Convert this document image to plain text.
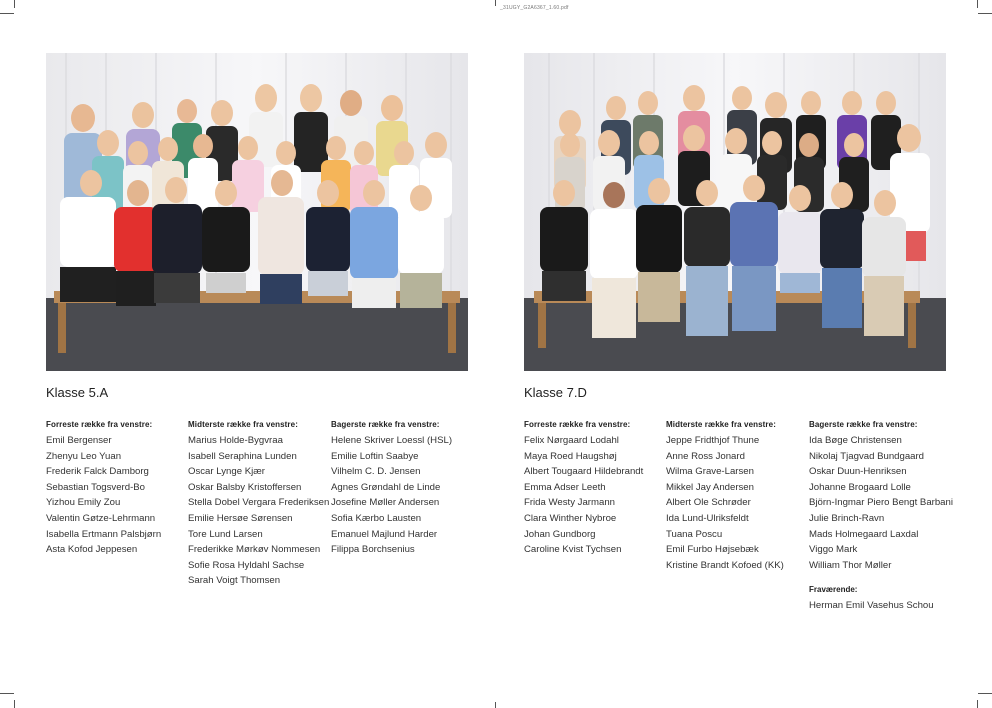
_31UGY_G2A6367_1.60.pdf
Klasse 5.A
Forreste række fra venstre:
Emil Bergenser
Zhenyu Leo Yuan
Frederik Falck Damborg
Sebastian Togsverd-Bo
Yizhou Emily Zou
Valentin Gøtze-Lehrmann
Isabella Ertmann Palsbjørn
Asta Kofod Jeppesen
Midterste række fra venstre:
Marius Holde-Bygvraa
Isabell Seraphina Lunden
Oscar Lynge Kjær
Oskar Balsby Kristoffersen
Stella Dobel Vergara Frederiksen
Emilie Hersøe Sørensen
Tore Lund Larsen
Frederikke Mørkøv Nommesen
Sofie Rosa Hyldahl Sachse
Sarah Voigt Thomsen
Bagerste række fra venstre:
Helene Skriver Loessl (HSL)
Emilie Loftin Saabye
Vilhelm C. D. Jensen
Agnes Grøndahl de Linde
Josefine Møller Andersen
Sofia Kærbo Lausten
Emanuel Majlund Harder
Filippa Borchsenius
Klasse 7.D
Forreste række fra venstre:
Felix Nørgaard Lodahl
Maya Roed Haugshøj
Albert Tougaard Hildebrandt
Emma Adser Leeth
Frida Westy Jarmann
Clara Winther Nybroe
Johan Gundborg
Caroline Kvist Tychsen
Midterste række fra venstre:
Jeppe Fridthjof Thune
Anne Ross Jonard
Wilma Grave-Larsen
Mikkel Jay Andersen
Albert Ole Schrøder
Ida Lund-Ulriksfeldt
Tuana Poscu
Emil Furbo Højsebæk
Kristine Brandt Kofoed (KK)
Bagerste række fra venstre:
Ida Bøge Christensen
Nikolaj Tjagvad Bundgaard
Oskar Duun-Henriksen
Johanne Brogaard Lolle
Björn-Ingmar Piero Bengt Barbani
Julie Brinch-Ravn
Mads Holmegaard Laxdal
Viggo Mark
William Thor Møller
Fraværende:
Herman Emil Vasehus Schou
